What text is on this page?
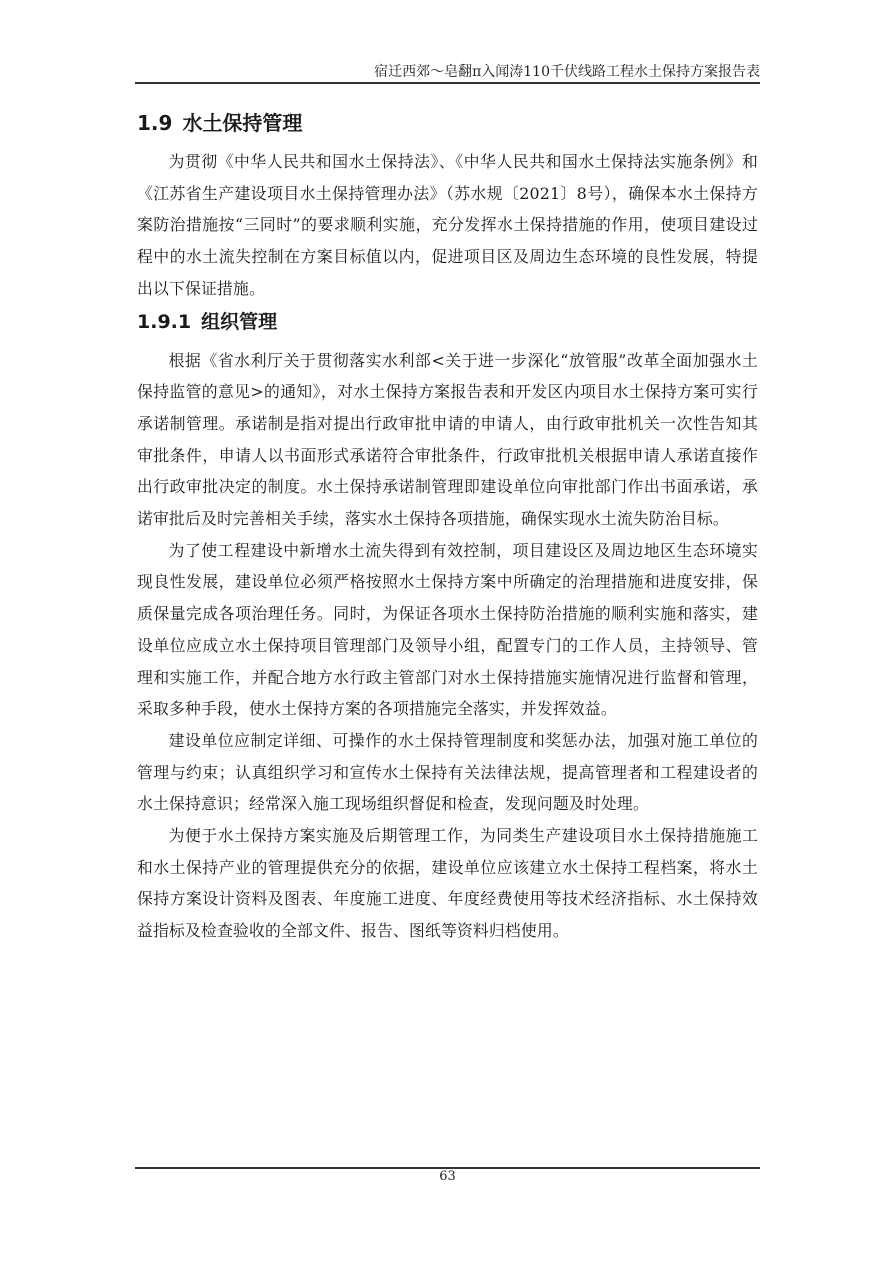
宿迁西郊～皂翻π入闻涛110千伏线路工程水土保持方案报告表
1.9 水土保持管理

为贯彻《中华人民共和国水土保持法》、《中华人民共和国水土保持法实施条例》和《江苏省生产建设项目水土保持管理办法》（苏水规〔2021〕8号），确保本水土保持方案防治措施按“三同时”的要求顺利实施，充分发挥水土保持措施的作用，使项目建设过程中的水土流失控制在方案目标值以内，促进项目区及周边生态环境的良性发展，特提出以下保证措施。

1.9.1 组织管理

根据《省水利厅关于贯彻落实水利部<关于进一步深化“放管服”改革全面加强水土保持监管的意见>的通知》，对水土保持方案报告表和开发区内项目水土保持方案可实行承诺制管理。承诺制是指对提出行政审批申请的申请人，由行政审批机关一次性告知其审批条件，申请人以书面形式承诺符合审批条件，行政审批机关根据申请人承诺直接作出行政审批决定的制度。水土保持承诺制管理即建设单位向审批部门作出书面承诺，承诺审批后及时完善相关手续，落实水土保持各项措施，确保实现水土流失防治目标。

为了使工程建设中新增水土流失得到有效控制，项目建设区及周边地区生态环境实现良性发展，建设单位必须严格按照水土保持方案中所确定的治理措施和进度安排，保质保量完成各项治理任务。同时，为保证各项水土保持防治措施的顺利实施和落实，建设单位应成立水土保持项目管理部门及领导小组，配置专门的工作人员，主持领导、管理和实施工作，并配合地方水行政主管部门对水土保持措施实施情况进行监督和管理，采取多种手段，使水土保持方案的各项措施完全落实，并发挥效益。

建设单位应制定详细、可操作的水土保持管理制度和奖惩办法，加强对施工单位的管理与约束；认真组织学习和宣传水土保持有关法律法规，提高管理者和工程建设者的水土保持意识；经常深入施工现场组织督促和检查，发现问题及时处理。

为便于水土保持方案实施及后期管理工作，为同类生产建设项目水土保持措施施工和水土保持产业的管理提供充分的依据，建设单位应该建立水土保持工程档案，将水土保持方案设计资料及图表、年度施工进度、年度经费使用等技术经济指标、水土保持效益指标及检查验收的全部文件、报告、图纸等资料归档使用。

63
